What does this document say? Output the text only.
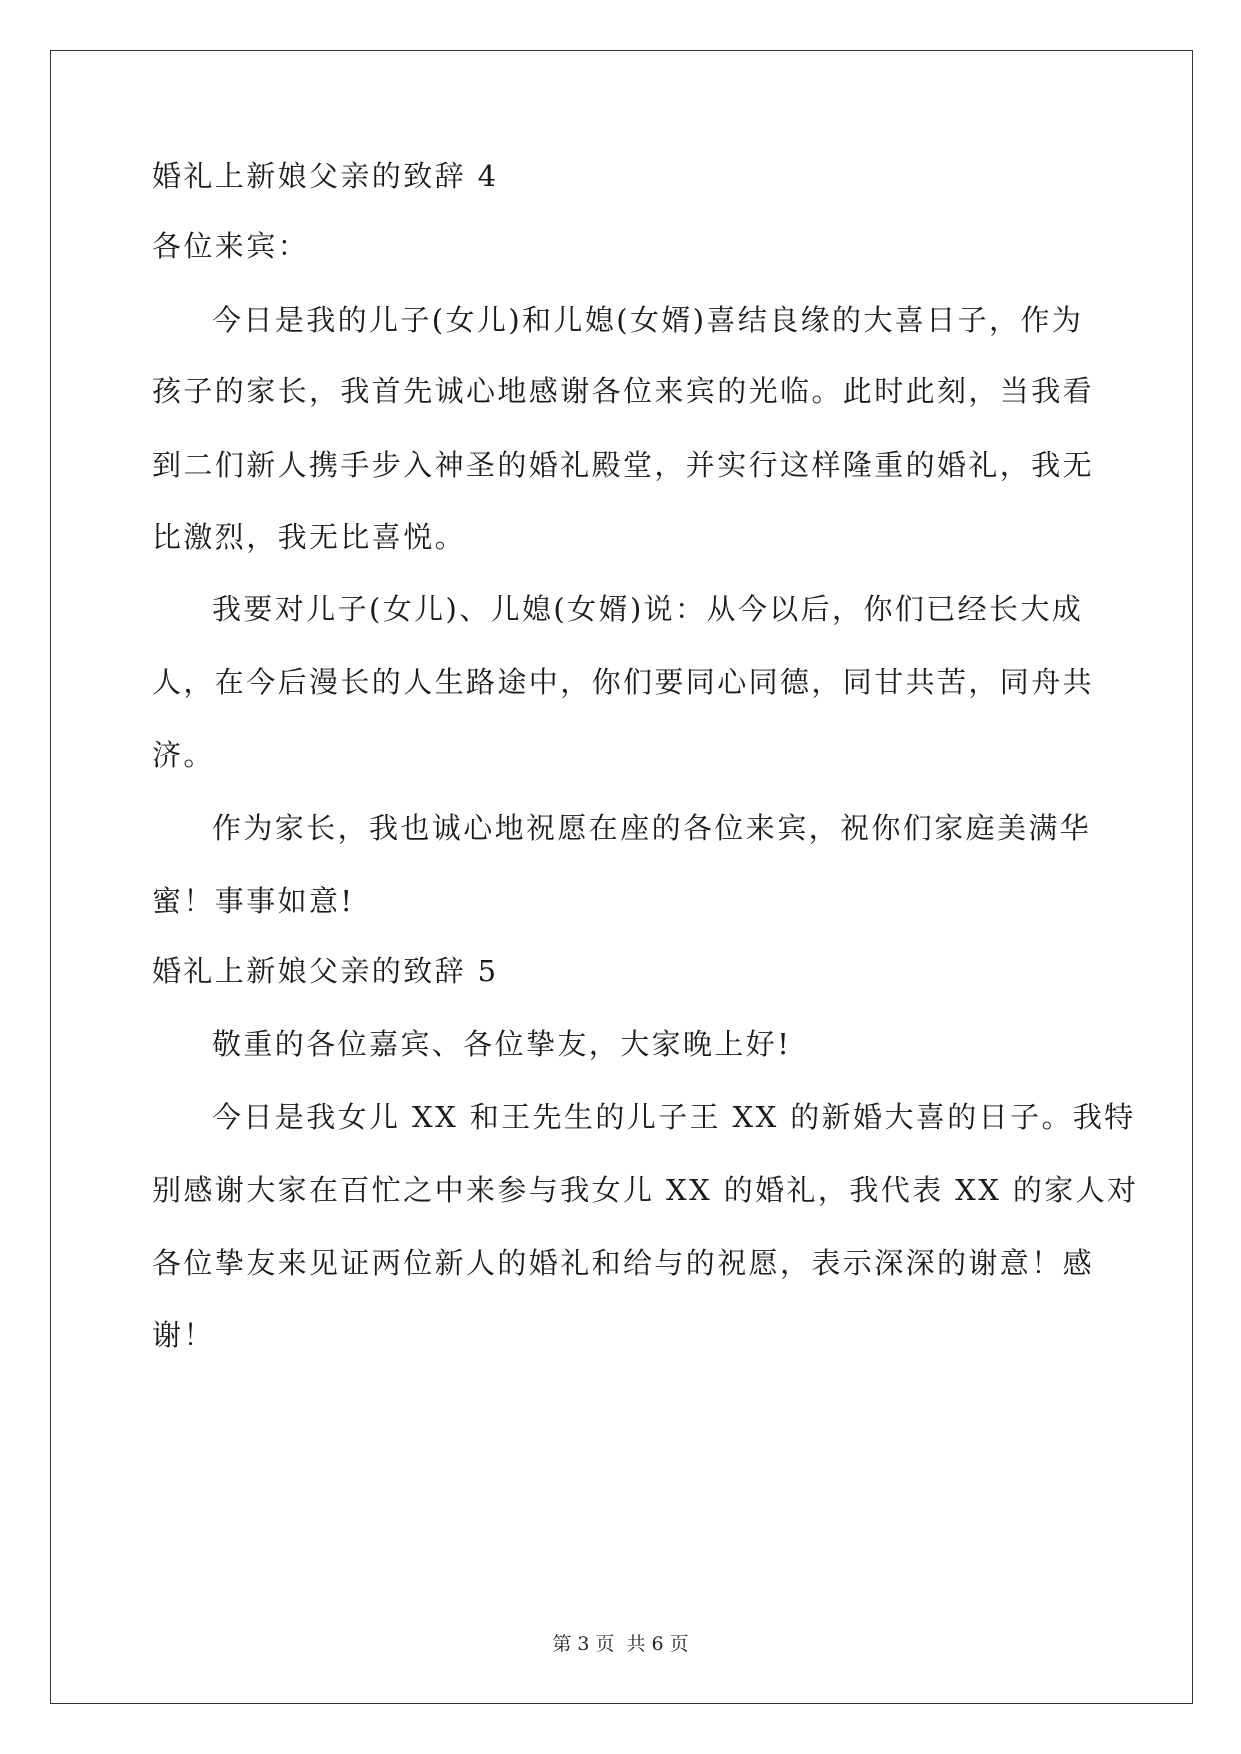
婚礼上新娘父亲的致辞 4
各位来宾：
今日是我的儿子(女儿)和儿媳(女婿)喜结良缘的大喜日子，作为
孩子的家长，我首先诚心地感谢各位来宾的光临。此时此刻，当我看
到二们新人携手步入神圣的婚礼殿堂，并实行这样隆重的婚礼，我无
比激烈，我无比喜悦。
我要对儿子(女儿)、儿媳(女婿)说：从今以后，你们已经长大成
人，在今后漫长的人生路途中，你们要同心同德，同甘共苦，同舟共
济。
作为家长，我也诚心地祝愿在座的各位来宾，祝你们家庭美满华
蜜！事事如意!
婚礼上新娘父亲的致辞 5
敬重的各位嘉宾、各位挚友，大家晚上好!
今日是我女儿 XX 和王先生的儿子王 XX 的新婚大喜的日子。我特
别感谢大家在百忙之中来参与我女儿 XX 的婚礼，我代表 XX 的家人对
各位挚友来见证两位新人的婚礼和给与的祝愿，表示深深的谢意！感
谢！
第 3 页 共 6 页
